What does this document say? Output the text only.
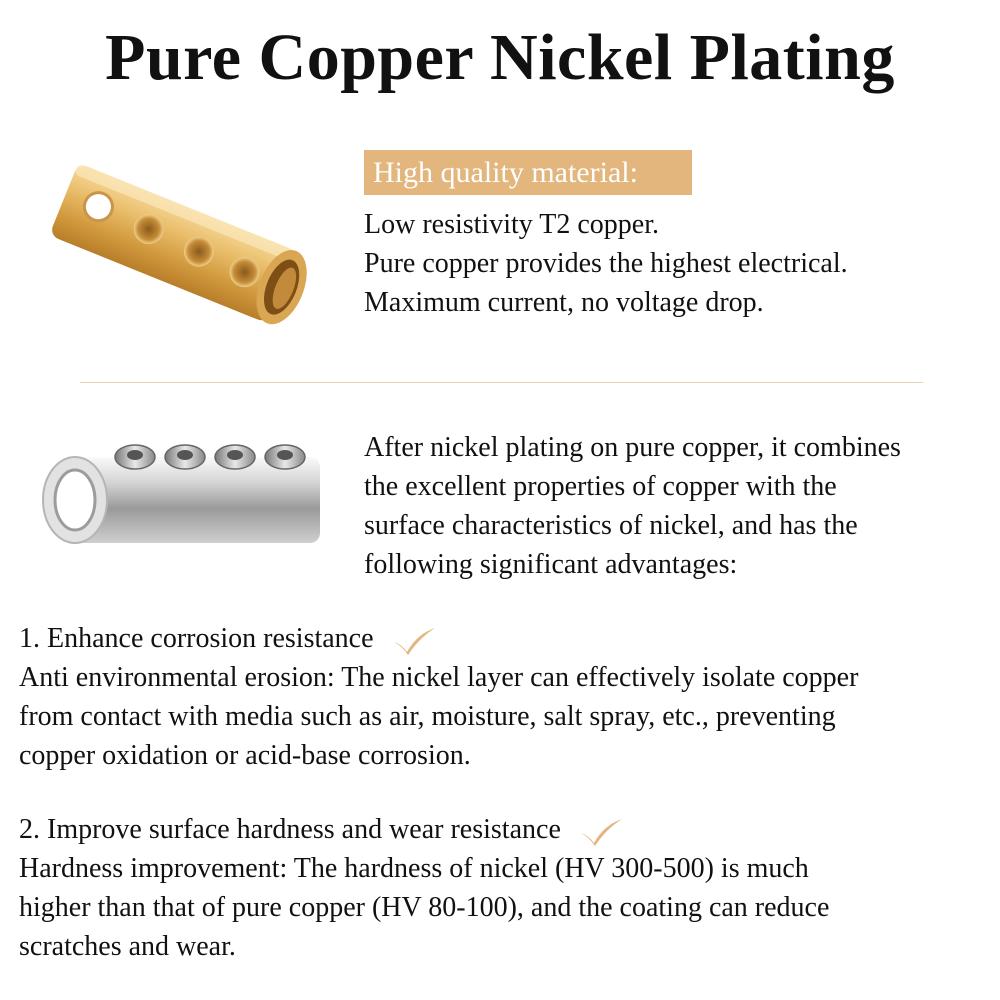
Pure Copper Nickel Plating
High quality material:
Low resistivity T2 copper.
Pure copper provides the highest electrical.
Maximum current, no voltage drop.
After nickel plating on pure copper, it combines
the excellent properties of copper with the
surface characteristics of nickel, and has the
following significant advantages:
1. Enhance corrosion resistance
Anti environmental erosion: The nickel layer can effectively isolate copper
from contact with media such as air, moisture, salt spray, etc., preventing
copper oxidation or acid-base corrosion.
2. Improve surface hardness and wear resistance
Hardness improvement: The hardness of nickel (HV 300-500) is much
higher than that of pure copper (HV 80-100), and the coating can reduce
scratches and wear.
